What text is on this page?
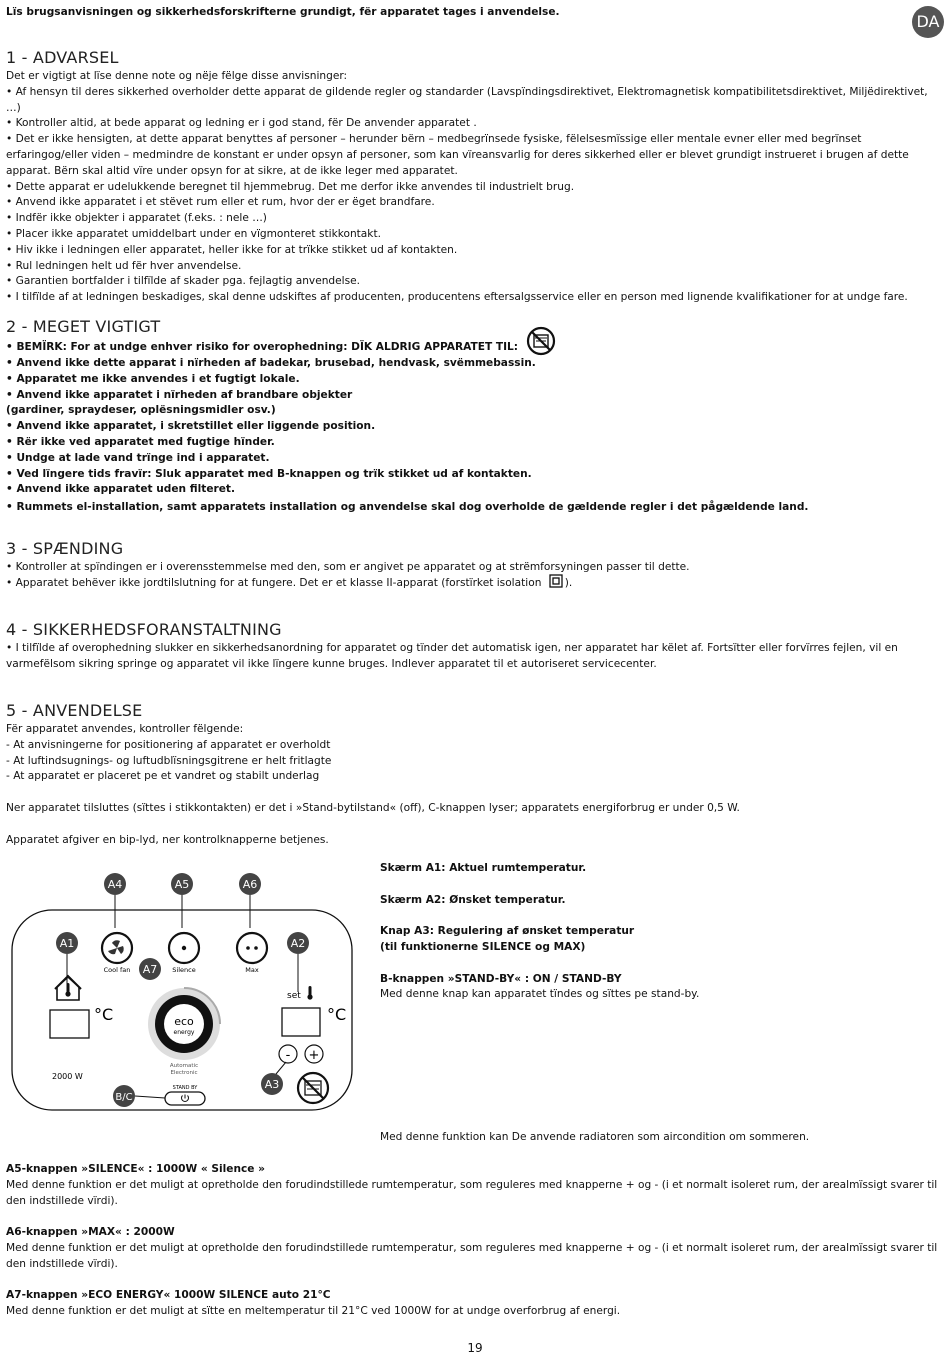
Lïs brugsanvisningen og sikkerhedsforskrifterne grundigt, fër apparatet tages i anvendelse.	DA
1 - ADVARSEL

Det er vigtigt at lïse denne note og nëje fëlge disse anvisninger:

• Af hensyn til deres sikkerhed overholder dette apparat de gildende regler og standarder (Lavspïndingsdirektivet, Elektromagnetisk kompatibilitetsdirektivet, Miljëdirektivet, …)

• Kontroller altid, at bede apparat og ledning er i god stand, fër De anvender apparatet .

• Det er ikke hensigten, at dette apparat benyttes af personer – herunder bërn – medbegrïnsede fysiske, fëlelsesmïssige eller mentale evner eller med begrïnset erfaringog/eller viden – medmindre de konstant er under opsyn af personer, som kan vïreansvarlig for deres sikkerhed eller er blevet grundigt instrueret i brugen af dette apparat. Bërn skal altid vïre under opsyn for at sikre, at de ikke leger med apparatet.

• Dette apparat er udelukkende beregnet til hjemmebrug. Det me derfor ikke anvendes til industrielt brug.

• Anvend ikke apparatet i et stëvet rum eller et rum, hvor der er ëget brandfare.

• Indfër ikke objekter i apparatet (f.eks. : nele …)

• Placer ikke apparatet umiddelbart under en vïgmonteret stikkontakt.

• Hiv ikke i ledningen eller apparatet, heller ikke for at trïkke stikket ud af kontakten.

• Rul ledningen helt ud fër hver anvendelse.

• Garantien bortfalder i tilfïlde af skader pga. fejlagtig anvendelse.

• I tilfïlde af at ledningen beskadiges, skal denne udskiftes af producenten, producentens eftersalgsservice eller en person med lignende kvalifikationer for at undge fare.

2 - MEGET VIGTIGT

• BEMÏRK: For at undge enhver risiko for overophedning: DÏK ALDRIG APPARATET TIL:

• Anvend ikke dette apparat i nïrheden af badekar, brusebad, hendvask, svëmmebassin.

• Apparatet me ikke anvendes i et fugtigt lokale.

• Anvend ikke apparatet i nïrheden af brandbare objekter

(gardiner, spraydeser, oplësningsmidler osv.)

• Anvend ikke apparatet, i skretstillet eller liggende position.

• Rër ikke ved apparatet med fugtige hïnder.

• Undge at lade vand trïnge ind i apparatet.

• Ved lïngere tids fravïr: Sluk apparatet med B-knappen og trïk stikket ud af kontakten.

• Anvend ikke apparatet uden filteret.

• Rummets el-installation, samt apparatets installation og anvendelse skal dog overholde de gældende regler i det pågældende land.

3 - SPÆNDING

• Kontroller at spïndingen er i overensstemmelse med den, som er angivet pe apparatet og at strëmforsyningen passer til dette.

• Apparatet behëver ikke jordtilslutning for at fungere. Det er et klasse II-apparat (forstïrket isolation ).

4 - SIKKERHEDSFORANSTALTNING

• I tilfïlde af overophedning slukker en sikkerhedsanordning for apparatet og tïnder det automatisk igen, ner apparatet har këlet af. Fortsïtter eller forvïrres fejlen, vil en varmefëlsom sikring springe og apparatet vil ikke lïngere kunne bruges. Indlever apparatet til et autoriseret servicecenter.

5 - ANVENDELSE

Fër apparatet anvendes, kontroller fëlgende:

- At anvisningerne for positionering af apparatet er overholdt

- At luftindsugnings- og luftudblïsningsgitrene er helt fritlagte

- At apparatet er placeret pe et vandret og stabilt underlag

Ner apparatet tilsluttes (sïttes i stikkontakten) er det i »Stand-bytilstand« (off), C-knappen lyser; apparatets energiforbrug er under 0,5 W.

Apparatet afgiver en bip-lyd, ner kontrolknapperne betjenes.

A4	A5	A6
A1	A2
A7
A3
B/C
Cool fan	Silence	Max
°C
set
°C
eco
energy
Automatic
Electronic
2000 W
STAND BY
- +

Skærm A1: Aktuel rumtemperatur.

Skærm A2: Ønsket temperatur.

Knap A3: Regulering af ønsket temperatur

(til funktionerne SILENCE og MAX)

B-knappen »STAND-BY« : ON / STAND-BY

Med denne knap kan apparatet tïndes og sïttes pe stand-by.

Med denne funktion kan De anvende radiatoren som aircondition om sommeren.

A5-knappen »SILENCE« : 1000W « Silence »

Med denne funktion er det muligt at opretholde den forudindstillede rumtemperatur, som reguleres med knapperne + og - (i et normalt isoleret rum, der arealmïssigt svarer til den indstillede vïrdi).

A6-knappen »MAX« : 2000W

Med denne funktion er det muligt at opretholde den forudindstillede rumtemperatur, som reguleres med knapperne + og - (i et normalt isoleret rum, der arealmïssigt svarer til den indstillede vïrdi).

A7-knappen »ECO ENERGY« 1000W SILENCE auto 21°C

Med denne funktion er det muligt at sïtte en meltemperatur til 21°C ved 1000W for at undge overforbrug af energi.

19
